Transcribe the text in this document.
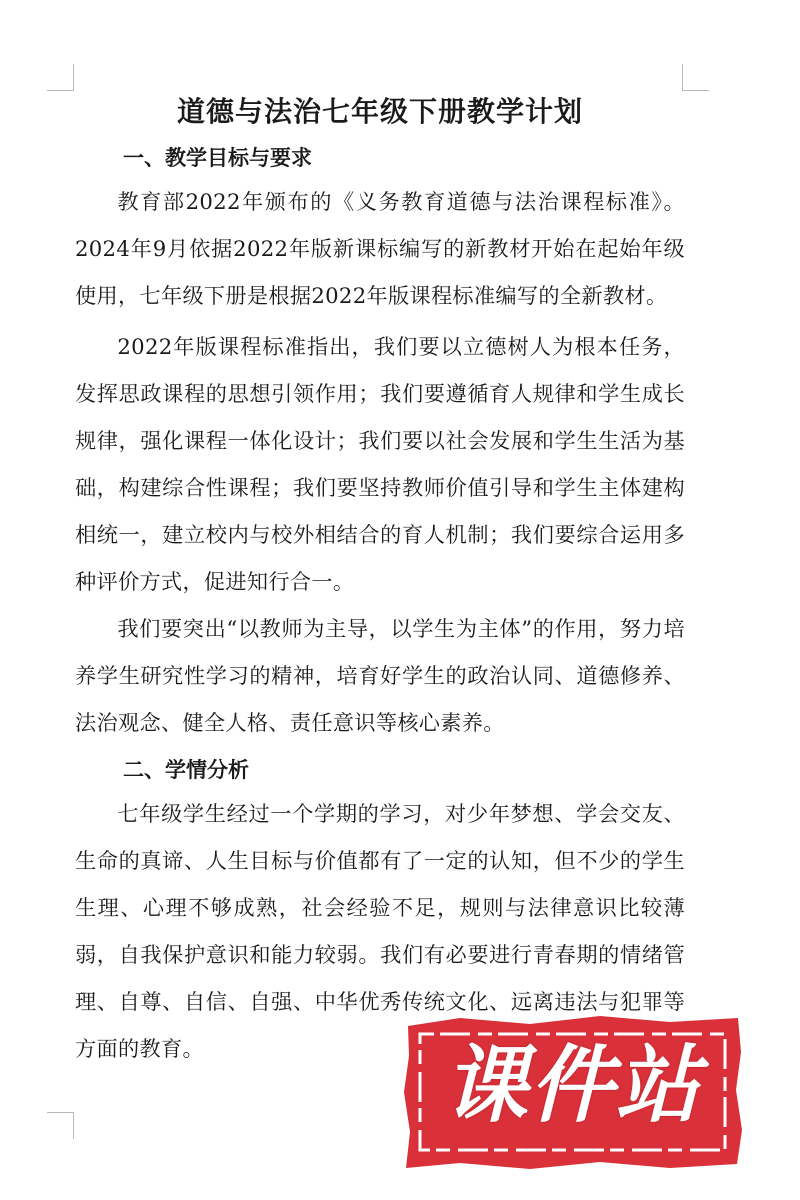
道德与法治七年级下册教学计划
一、教学目标与要求

教育部2022年颁布的《义务教育道德与法治课程标准》。2024年9月依据2022年版新课标编写的新教材开始在起始年级使用，七年级下册是根据2022年版课程标准编写的全新教材。

2022年版课程标准指出，我们要以立德树人为根本任务，发挥思政课程的思想引领作用；我们要遵循育人规律和学生成长规律，强化课程一体化设计；我们要以社会发展和学生生活为基础，构建综合性课程；我们要坚持教师价值引导和学生主体建构相统一，建立校内与校外相结合的育人机制；我们要综合运用多种评价方式，促进知行合一。

我们要突出“以教师为主导，以学生为主体”的作用，努力培养学生研究性学习的精神，培育好学生的政治认同、道德修养、法治观念、健全人格、责任意识等核心素养。

二、学情分析

七年级学生经过一个学期的学习，对少年梦想、学会交友、生命的真谛、人生目标与价值都有了一定的认知，但不少的学生生理、心理不够成熟，社会经验不足，规则与法律意识比较薄弱，自我保护意识和能力较弱。我们有必要进行青春期的情绪管理、自尊、自信、自强、中华优秀传统文化、远离违法与犯罪等方面的教育。	课件站
